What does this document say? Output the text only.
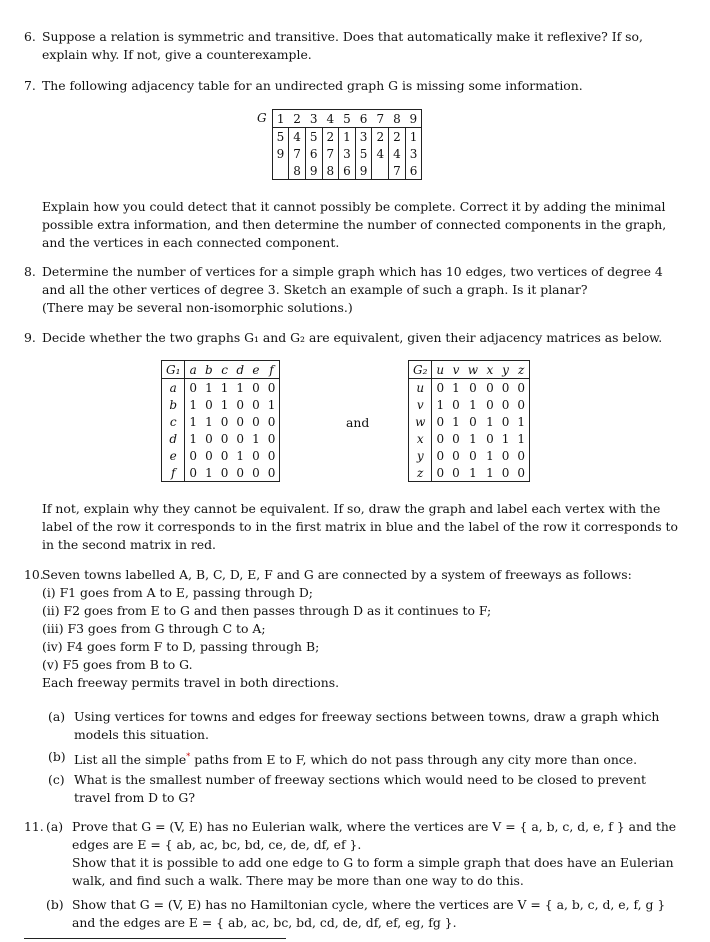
6. Suppose a relation is symmetric and transitive. Does that automatically make it reflexive? If so, explain why. If not, give a counterexample.
7. The following adjacency table for an undirected graph G is missing some information.
G	1	2	3	4	5	6	7	8	9
	5	4	5	2	1	3	2	2	1
	9	7	6	7	3	5	4	4	3
		8	9	8	6	9		7	6
Explain how you could detect that it cannot possibly be complete. Correct it by adding the minimal possible extra information, and then determine the number of connected components in the graph, and the vertices in each connected component.
8. Determine the number of vertices for a simple graph which has 10 edges, two vertices of degree 4 and all the other vertices of degree 3. Sketch an example of such a graph. Is it planar?
(There may be several non-isomorphic solutions.)
9. Decide whether the two graphs G₁ and G₂ are equivalent, given their adjacency matrices as below.
G₁	a	b	c	d	e	f
a	0	1	1	1	0	0
b	1	0	1	0	0	1
c	1	1	0	0	0	0
d	1	0	0	0	1	0
e	0	0	0	1	0	0
f	0	1	0	0	0	0
and
G₂	u	v	w	x	y	z
u	0	1	0	0	0	0
v	1	0	1	0	0	0
w	0	1	0	1	0	1
x	0	0	1	0	1	1
y	0	0	0	1	0	0
z	0	0	1	1	0	0
If not, explain why they cannot be equivalent. If so, draw the graph and label each vertex with the label of the row it corresponds to in the first matrix in blue and the label of the row it corresponds to in the second matrix in red.
10.
Seven towns labelled A, B, C, D, E, F and G are connected by a system of freeways as follows:
(i) F1 goes from A to E, passing through D;
(ii) F2 goes from E to G and then passes through D as it continues to F;
(iii) F3 goes from G through C to A;
(iv) F4 goes form F to D, passing through B;
(v) F5 goes from B to G.
Each freeway permits travel in both directions.
(a) Using vertices for towns and edges for freeway sections between towns, draw a graph which models this situation.
(b) List all the simple* paths from E to F, which do not pass through any city more than once.
(c) What is the smallest number of freeway sections which would need to be closed to prevent travel from D to G?
11. (a) Prove that G = (V, E) has no Eulerian walk, where the vertices are V = { a, b, c, d, e, f } and the edges are E = { ab, ac, bc, bd, ce, de, df, ef }.
Show that it is possible to add one edge to G to form a simple graph that does have an Eulerian walk, and find such a walk. There may be more than one way to do this.
(b) Show that G = (V, E) has no Hamiltonian cycle, where the vertices are V = { a, b, c, d, e, f, g } and the edges are E = { ab, ac, bc, bd, cd, de, df, ef, eg, fg }.
